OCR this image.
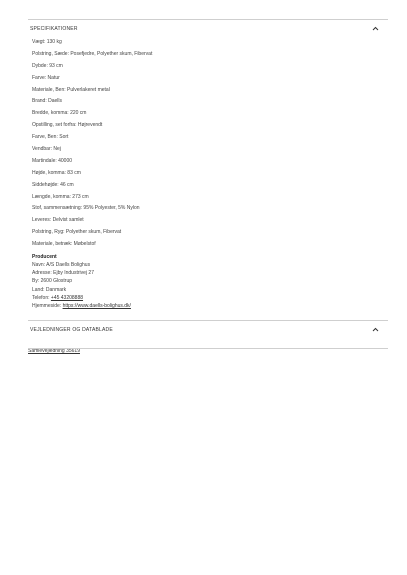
SPECIFIKATIONER
Vægt: 130 kg
Polstring, Sæde: Posefjedre, Polyether skum, Fibervat
Dybde: 93 cm
Farve: Natur
Materiale, Ben: Pulverlakeret metal
Brand: Daells
Bredde, komma: 220 cm
Opstilling, set forfra: Højrevendt
Farve, Ben: Sort
Vendbar: Nej
Martindale: 40000
Højde, komma: 83 cm
Siddehøjde: 46 cm
Længde, komma: 273 cm
Stof, sammensætning: 95% Polyester, 5% Nylon
Leveres: Delvist samlet
Polstring, Ryg: Polyether skum, Fibervat
Materiale, betræk: Møbelstof
Producent
Navn: A/S Daells Bolighus
Adresse: Ejby Industrivej 27
By: 2600 Glostrup
Land: Danmark
Telefon: +45 43208888
Hjemmeside: https://www.daells-bolighus.dk/
VEJLEDNINGER OG DATABLADE
Samlevejledning 35619
